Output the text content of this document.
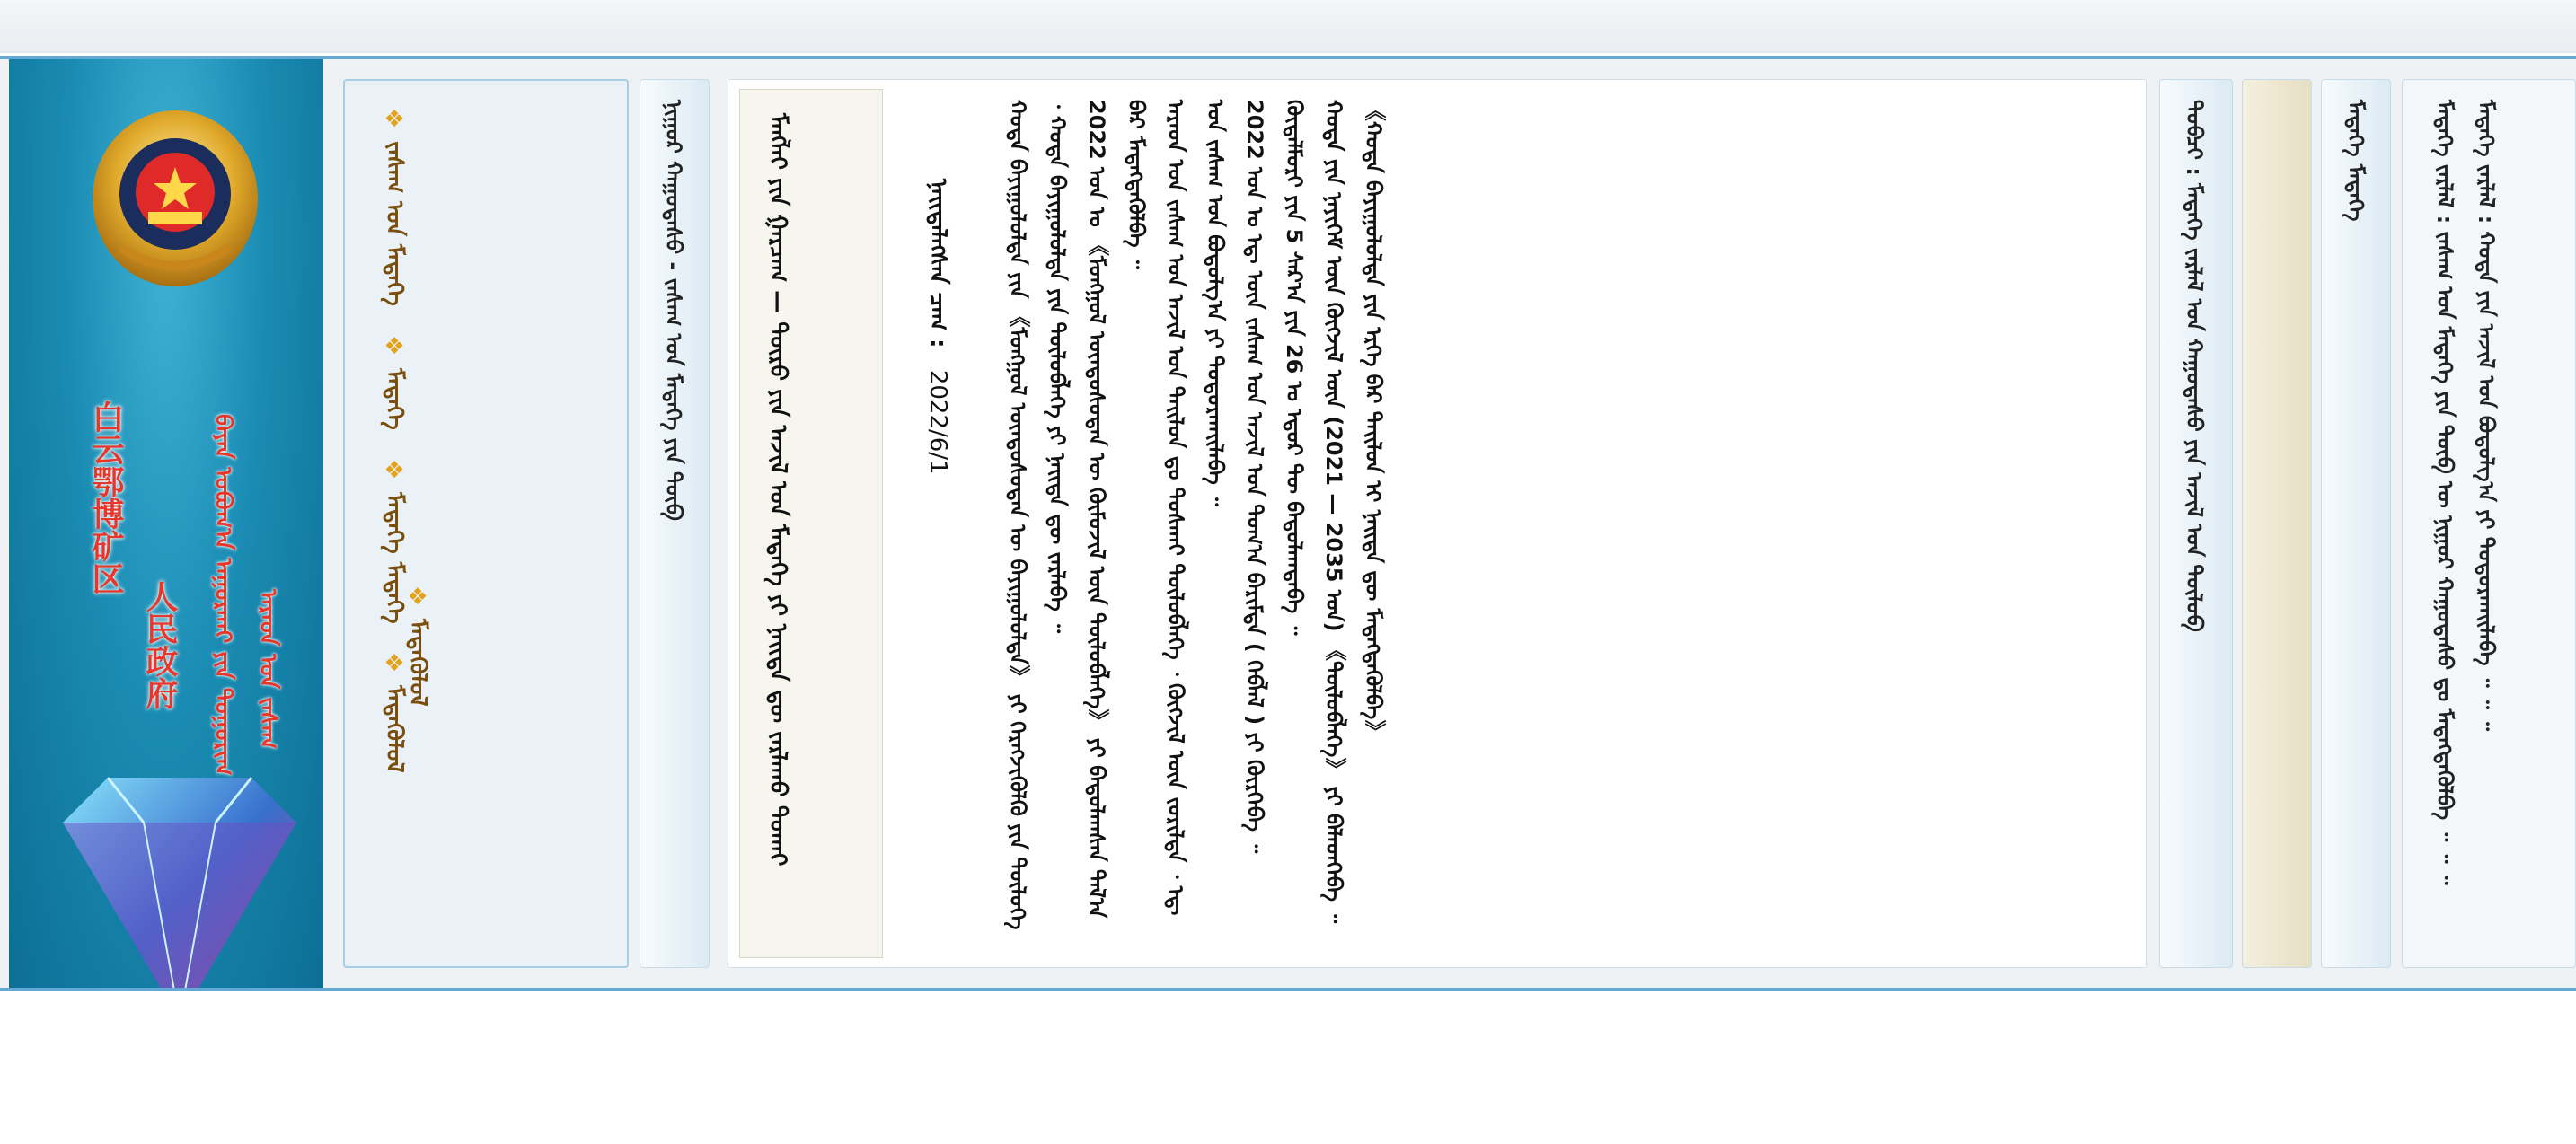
白云鄂博矿区
人民政府	ᠪᠠᠶᠠᠨ ᠣᠪᠣᠭ᠎ᠠ ᠠᠭᠤᠷᠬᠠᠢ ᠶᠢᠨ ᠲᠣᠭᠣᠷᠢᠭ ᠠᠷᠠᠳ ᠤᠨ ᠵᠠᠰᠠᠭ
❖ ᠵᠠᠰᠠᠭ ᠤᠨ ᠮᠡᠳᠡᠭᠡ
❖ ᠮᠡᠳᠡᠭᠡ
❖ ᠮᠡᠳᠡᠭᠡ ᠮᠡᠳᠡᠭᠡ
❖ ᠮᠡᠳᠡᠭᠦᠯᠦᠯ
❖ ᠮᠡᠳᠡᠭᠦᠯᠦᠯ
ᠨᠢᠭᠤᠷ ᠬᠠᠭᠤᠳᠠᠰᠤ - ᠵᠠᠰᠠᠭ ᠤᠨ ᠮᠡᠳᠡᠭᠡ ᠶᠢᠨ ᠲᠥᠪ	ᠮᠠᠩᠯᠠᠢ ᠶᠢᠨ ᠭᠠᠷᠴᠠᠭ — ᠲᠥᠷᠦ ᠶᠢᠨ ᠠᠵᠢᠯ ᠤᠨ ᠮᠡᠳᠡᠭᠡ ᠶᠢ ᠨᠡᠢᠲᠡ ᠳᠦ ᠵᠠᠷᠯᠠᠬᠤ ᠲᠤᠬᠠᠢ	ᠨᠡᠢᠲᠡᠯᠡᠭᠰᠡᠨ ᠴᠠᠭ : 2022/6/1	ᠬᠤᠲᠠ ᠪᠠᠶᠢᠭᠤᠯᠤᠯᠲᠠ ᠶᠢᠨ 《ᠮᠣᠩᠭᠣᠯ ᠦᠨᠳᠦᠰᠦᠲᠡᠨ ᠦ ᠪᠠᠶᠢᠭᠤᠯᠤᠯᠲᠠ》 ᠶᠢ ᠬᠡᠷᠡᠭᠵᠢᠭᠦᠯᠬᠦ ᠶᠢᠨ ᠲᠥᠯᠦᠭᠡ ᠂ ᠬᠤᠲᠠ ᠪᠠᠶᠢᠭᠤᠯᠤᠯᠲᠠ ᠶᠢᠨ ᠲᠥᠯᠥᠪᠯᠡᠭᠡ ᠶᠢ ᠨᠡᠢᠲᠡ ᠳᠦ ᠵᠠᠷᠯᠠᠪᠠ ᠃ 2022 ᠣᠨ ᠤ 《ᠮᠣᠩᠭᠣᠯ ᠦᠨᠳᠦᠰᠦᠲᠡᠨ ᠦ ᠬᠦᠮᠦᠵᠢᠯ ᠦᠨ ᠲᠥᠯᠥᠪᠯᠡᠭᠡ》 ᠶᠢ ᠪᠠᠲᠤᠯᠠᠭᠰᠠᠨ ᠲᠠᠯ᠎ᠠ ᠪᠠᠷ ᠮᠡᠳᠡᠭᠳᠡᠭᠦᠯᠪᠡ ᠃ ᠠᠷᠠᠳ ᠤᠨ ᠵᠠᠰᠠᠭ ᠤᠨ ᠠᠵᠢᠯ ᠤᠨ ᠲᠠᠢᠯᠤᠨ ᠳᠤ ᠲᠤᠰᠬᠠᠢ ᠲᠥᠯᠥᠪᠯᠡᠭᠡ ᠂ ᠬᠥᠭᠵᠢᠯ ᠦᠨ ᠵᠣᠷᠢᠯᠲᠠ ᠂ ᠡᠳ᠋ ᠤᠨ ᠵᠠᠰᠠᠭ ᠤᠨ ᠪᠣᠳᠤᠯᠭ᠎ᠠ ᠶᠢ ᠲᠣᠳᠤᠷᠬᠠᠢᠯᠠᠪᠠ ᠃ 2022 ᠣᠨ ᠤ ᠡᠳ᠋ ᠦᠨ ᠵᠠᠰᠠᠭ ᠤᠨ ᠠᠵᠢᠯ ᠤᠨ ᠲᠣᠭ᠎ᠠ ᠪᠠᠷᠢᠮᠲᠠ ( ᠬᠡᠪᠯᠡᠯ ) ᠶᠢ ᠬᠦᠷᠭᠡᠪᠡ ᠃ ᠬᠥᠳᠡᠯᠮᠦᠷᠢ ᠶᠢᠨ 5 ᠰᠠᠷ᠎ᠠ ᠶᠢᠨ 26 ᠤ ᠡᠳᠦᠷ ᠲᠦ ᠪᠠᠲᠤᠯᠠᠭᠳᠠᠪᠠ ᠃ ᠬᠤᠲᠠ ᠶᠢᠨ ᠨᠡᠶᠢᠭᠡᠮ ᠦᠨ ᠬᠥᠭᠵᠢᠯ ᠦᠨ (2021 — 2035 ᠣᠨ) 《ᠲᠥᠯᠥᠪᠯᠡᠭᠡ》 ᠶᠢ ᠪᠡᠯᠡᠳᠬᠡᠪᠡ ᠃ 《ᠬᠤᠲᠠ ᠪᠠᠶᠢᠭᠤᠯᠤᠯᠲᠠ ᠶᠢᠨ ᠡᠷᠬᠡ ᠪᠠᠷ ᠲᠠᠢᠯᠤᠨ ᠢ ᠨᠡᠢᠲᠡ ᠳᠦ ᠮᠡᠳᠡᠭᠳᠡᠭᠦᠯᠪᠡ》	ᠲᠣᠪᠴᠢ : ᠮᠡᠳᠡᠭᠡ ᠵᠠᠷᠯᠠᠯ ᠤᠨ ᠬᠠᠭᠤᠳᠠᠰᠤ ᠶᠢᠨ ᠠᠵᠢᠯ ᠤᠨ ᠲᠥᠯᠥᠪ	ᠮᠡᠳᠡᠭᠡ ᠮᠡᠳᠡᠭᠡ	ᠮᠡᠳᠡᠭᠡ ᠵᠠᠷᠯᠠᠯ : ᠵᠠᠰᠠᠭ ᠤᠨ ᠮᠡᠳᠡᠭᠡ ᠶᠢᠨ ᠲᠥᠪ ᠦ ᠨᠢᠭᠤᠷ ᠬᠠᠭᠤᠳᠠᠰᠤ ᠳᠤ ᠮᠡᠳᠡᠭᠳᠡᠭᠦᠯᠪᠡ ᠃ ᠃ ᠃ ᠮᠡᠳᠡᠭᠡ ᠵᠠᠷᠯᠠᠯ : ᠬᠤᠲᠠ ᠶᠢᠨ ᠠᠵᠢᠯ ᠤᠨ ᠪᠣᠳᠤᠯᠭ᠎ᠠ ᠶᠢ ᠲᠣᠳᠤᠷᠬᠠᠢᠯᠠᠪᠠ ᠃ ᠃ ᠃
